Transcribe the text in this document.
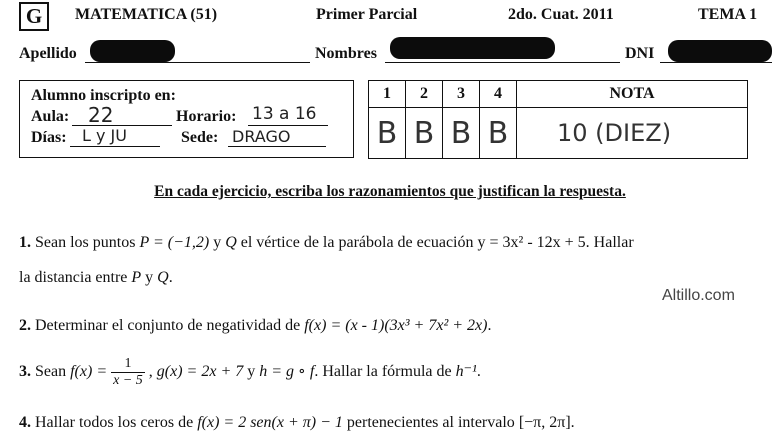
G	MATEMATICA (51)	Primer Parcial	2do. Cuat. 2011	TEMA 1
Apellido	Nombres	DNI
Alumno inscripto en:
Aula: 22	Horario: 13 a 16
Días: L y JU	Sede: DRAGO
1	2	3	4	NOTA
B	B	B	B	10 (DIEZ)
En cada ejercicio, escriba los razonamientos que justifican la respuesta.
1. Sean los puntos P = (−1,2) y Q el vértice de la parábola de ecuación y = 3x² - 12x + 5. Hallar
la distancia entre P y Q.
Altillo.com
2. Determinar el conjunto de negatividad de f(x) = (x - 1)(3x³ + 7x² + 2x).
3. Sean $f(x) = \frac{1}{x - 5}$ , g(x) = 2x + 7 y h = g ∘ f. Hallar la fórmula de h⁻¹.
4. Hallar todos los ceros de f(x) = 2 sen(x + π) − 1 pertenecientes al intervalo [−π, 2π].
